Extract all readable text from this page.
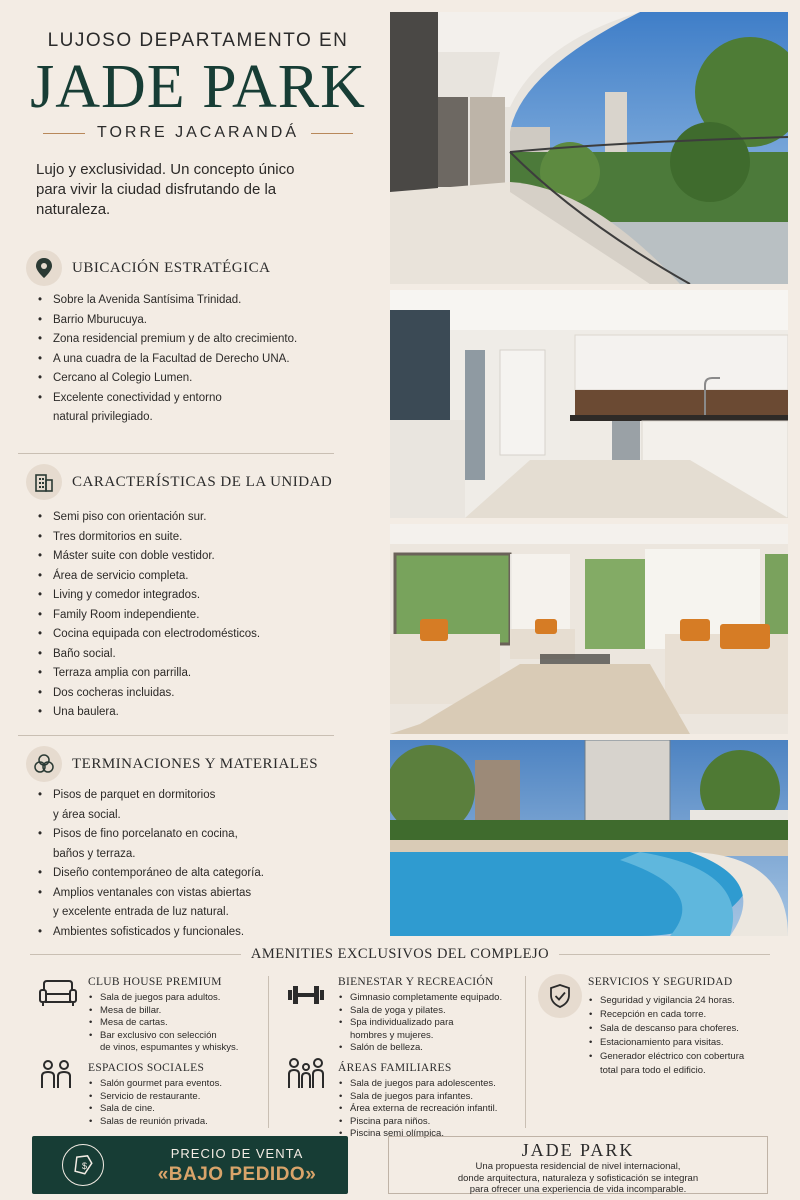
LUJOSO DEPARTAMENTO EN
JADE PARK
TORRE JACARANDÁ
Lujo y exclusividad. Un concepto único para vivir la ciudad disfrutando de la naturaleza.
UBICACIÓN ESTRATÉGICA
• Sobre la Avenida Santísima Trinidad.
• Barrio Mburucuya.
• Zona residencial premium y de alto crecimiento.
• A una cuadra de la Facultad de Derecho UNA.
• Cercano al Colegio Lumen.
• Excelente conectividad y entorno
natural privilegiado.
CARACTERÍSTICAS DE LA UNIDAD
• Semi piso con orientación sur.
• Tres dormitorios en suite.
• Máster suite con doble vestidor.
• Área de servicio completa.
• Living y comedor integrados.
• Family Room independiente.
• Cocina equipada con electrodomésticos.
• Baño social.
• Terraza amplia con parrilla.
• Dos cocheras incluidas.
• Una baulera.
TERMINACIONES Y MATERIALES
• Pisos de parquet en dormitorios
y área social.
• Pisos de fino porcelanato en cocina,
baños y terraza.
• Diseño contemporáneo de alta categoría.
• Amplios ventanales con vistas abiertas
y excelente entrada de luz natural.
• Ambientes sofisticados y funcionales.
AMENITIES EXCLUSIVOS DEL COMPLEJO
CLUB HOUSE PREMIUM
• Sala de juegos para adultos.
• Mesa de billar.
• Mesa de cartas.
• Bar exclusivo con selección
de vinos, espumantes y whiskys.
BIENESTAR Y RECREACIÓN
• Gimnasio completamente equipado.
• Sala de yoga y pilates.
• Spa individualizado para
hombres y mujeres.
• Salón de belleza.
SERVICIOS Y SEGURIDAD
• Seguridad y vigilancia 24 horas.
• Recepción en cada torre.
• Sala de descanso para choferes.
• Estacionamiento para visitas.
• Generador eléctrico con cobertura
total para todo el edificio.
ESPACIOS SOCIALES
• Salón gourmet para eventos.
• Servicio de restaurante.
• Sala de cine.
• Salas de reunión privada.
ÁREAS FAMILIARES
• Sala de juegos para adolescentes.
• Sala de juegos para infantes.
• Área externa de recreación infantil.
• Piscina para niños.
• Piscina semi olímpica.
$
PRECIO DE VENTA
«BAJO PEDIDO»
JADE PARK
Una propuesta residencial de nivel internacional,
donde arquitectura, naturaleza y sofisticación se integran
para ofrecer una experiencia de vida incomparable.
